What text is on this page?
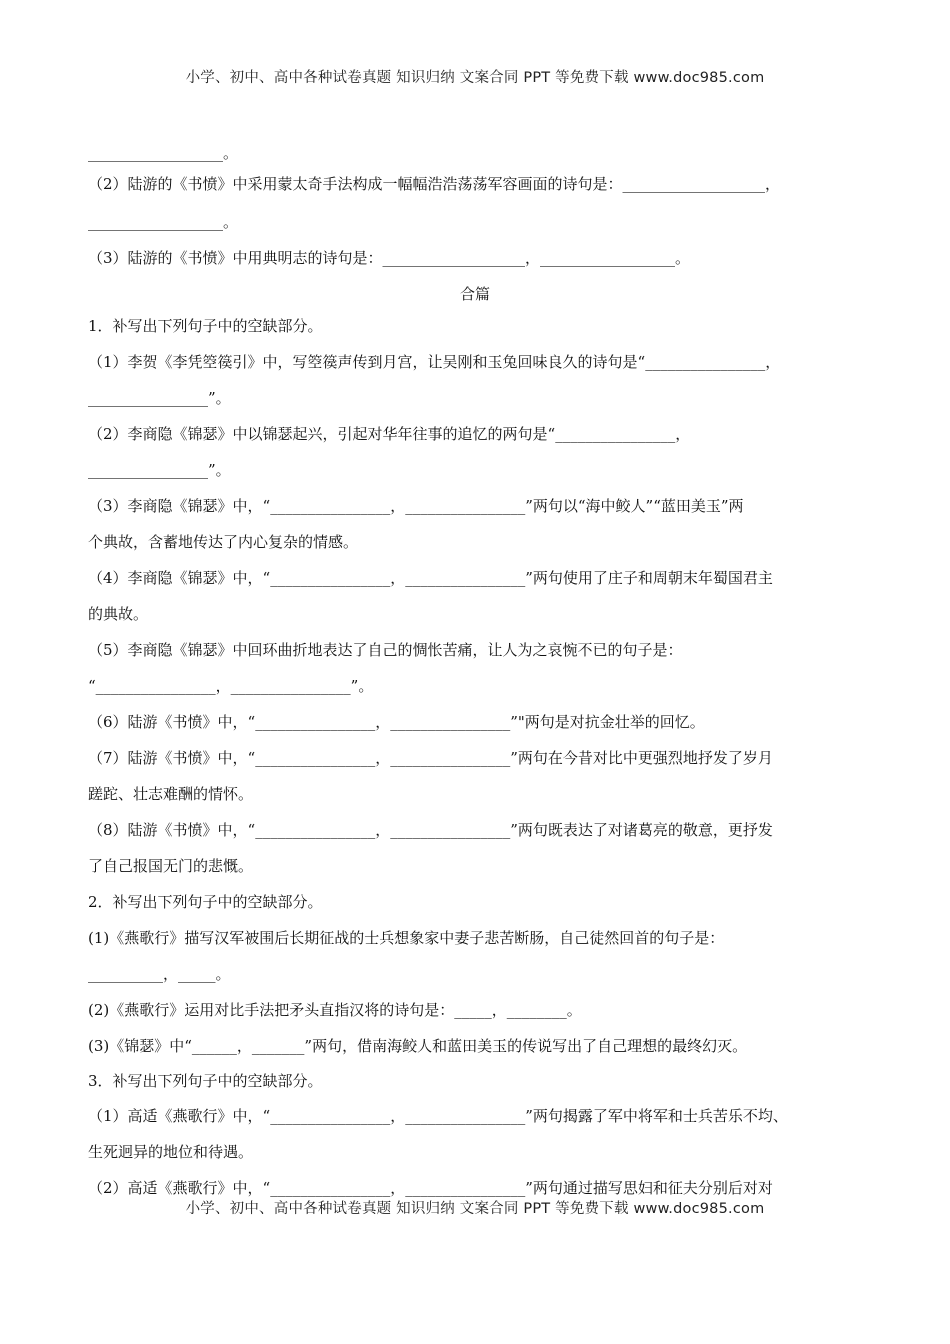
小学、初中、高中各种试卷真题 知识归纳 文案合同 PPT 等免费下载 www.doc985.com
__________________。
（2）陆游的《书愤》中采用蒙太奇手法构成一幅幅浩浩荡荡军容画面的诗句是：___________________，
__________________。
（3）陆游的《书愤》中用典明志的诗句是：___________________，__________________。
合篇
1．补写出下列句子中的空缺部分。
（1）李贺《李凭箜篌引》中，写箜篌声传到月宫，让吴刚和玉兔回味良久的诗句是“________________，
________________”。
（2）李商隐《锦瑟》中以锦瑟起兴，引起对华年往事的追忆的两句是“________________，
________________”。
（3）李商隐《锦瑟》中，“________________，________________”两句以“海中鲛人”“蓝田美玉”两
个典故，含蓄地传达了内心复杂的情感。
（4）李商隐《锦瑟》中，“________________，________________”两句使用了庄子和周朝末年蜀国君主
的典故。
（5）李商隐《锦瑟》中回环曲折地表达了自己的惆怅苦痛，让人为之哀惋不已的句子是：
“________________，________________”。
（6）陆游《书愤》中，“________________，________________”"两句是对抗金壮举的回忆。
（7）陆游《书愤》中，“________________，________________”两句在今昔对比中更强烈地抒发了岁月
蹉跎、壮志难酬的情怀。
（8）陆游《书愤》中，“________________，________________”两句既表达了对诸葛亮的敬意，更抒发
了自己报国无门的悲慨。
2．补写出下列句子中的空缺部分。
(1)《燕歌行》描写汉军被围后长期征战的士兵想象家中妻子悲苦断肠，自己徒然回首的句子是：
__________，_____。
(2)《燕歌行》运用对比手法把矛头直指汉将的诗句是：_____，________。
(3)《锦瑟》中“______，_______”两句，借南海鲛人和蓝田美玉的传说写出了自己理想的最终幻灭。
3．补写出下列句子中的空缺部分。
（1）高适《燕歌行》中，“________________，________________”两句揭露了军中将军和士兵苦乐不均、
生死迥异的地位和待遇。
（2）高适《燕歌行》中，“________________，________________”两句通过描写思妇和征夫分别后对对
小学、初中、高中各种试卷真题 知识归纳 文案合同 PPT 等免费下载 www.doc985.com
